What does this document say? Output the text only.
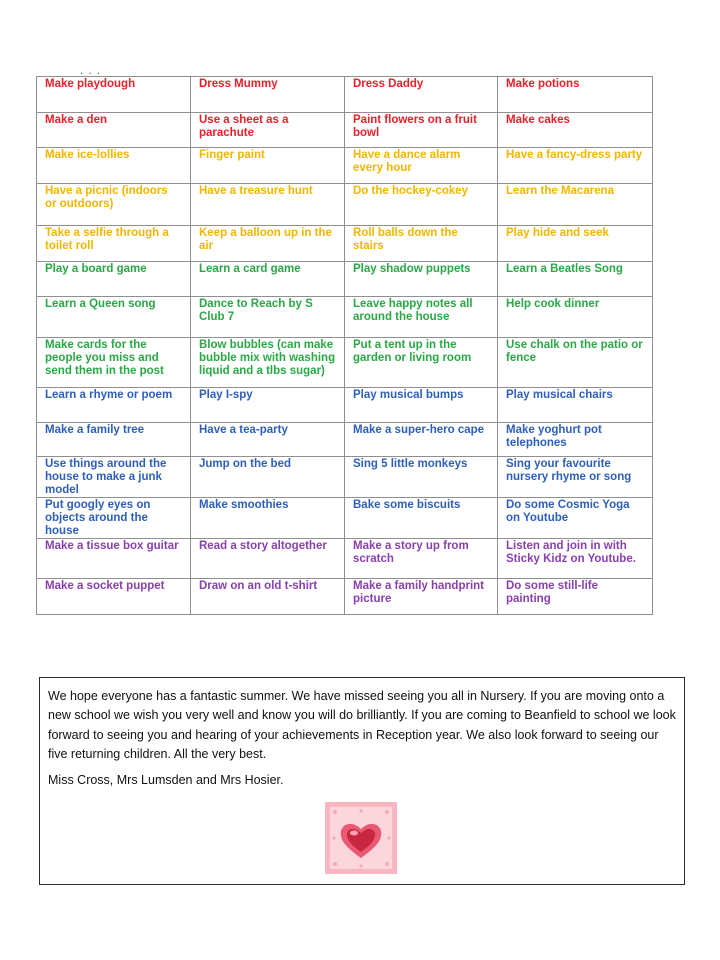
. . .
Make playdough	Dress Mummy	Dress Daddy	Make potions
Make a den	Use a sheet as a parachute	Paint flowers on a fruit bowl	Make cakes
Make ice-lollies	Finger paint	Have a dance alarm every hour	Have a fancy-dress party
Have a picnic (indoors or outdoors)	Have a treasure hunt	Do the hockey-cokey	Learn the Macarena
Take a selfie through a toilet roll	Keep a balloon up in the air	Roll balls down the stairs	Play hide and seek
Play a board game	Learn a card game	Play shadow puppets	Learn a Beatles Song
Learn a Queen song	Dance to Reach by S Club 7	Leave happy notes all around the house	Help cook dinner
Make cards for the people you miss and send them in the post	Blow bubbles (can make bubble mix with washing liquid and a tlbs sugar)	Put a tent up in the garden or living room	Use chalk on the patio or fence
Learn a rhyme or poem	Play I-spy	Play musical bumps	Play musical chairs
Make a family tree	Have a tea-party	Make a super-hero cape	Make yoghurt pot telephones
Use things around the house to make a junk model	Jump on the bed	Sing 5 little monkeys	Sing your favourite nursery rhyme or song
Put googly eyes on objects around the house	Make smoothies	Bake some biscuits	Do some Cosmic Yoga on Youtube
Make a tissue box guitar	Read a story altogether	Make a story up from scratch	Listen and join in with Sticky Kidz on Youtube.
Make a socket puppet	Draw on an old t-shirt	Make a family handprint picture	Do some still-life painting

We hope everyone has a fantastic summer. We have missed seeing you all in Nursery. If you are moving onto a new school we wish you very well and know you will do brilliantly. If you are coming to Beanfield to school we look forward to seeing you and hearing of your achievements in Reception year. We also look forward to seeing our five returning children. All the very best.

Miss Cross, Mrs Lumsden and Mrs Hosier.
